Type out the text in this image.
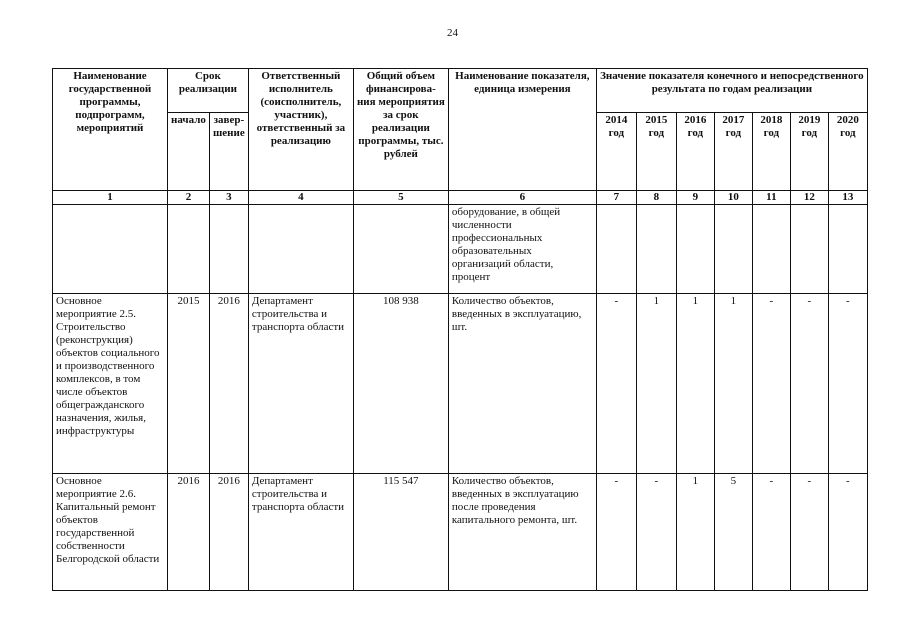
24
Наименование государственной программы, подпрограмм, мероприятий	Срок реализации		Ответственный исполнитель (соисполнитель, участник), ответственный за реализацию	Общий объем финансирова-ния мероприятия за срок реализации программы, тыс. рублей	Наименование показателя, единица измерения	Значение показателя конечного и непосредственного результата по годам реализации						
	начало	завер-шение				2014 год	2015 год	2016 год	2017 год	2018 год	2019 год	2020 год
1	2	3	4	5	6	7	8	9	10	11	12	13
					оборудование, в общей численности профессиональных образовательных организаций области, процент							
Основное мероприятие 2.5. Строительство (реконструкция) объектов социального и производственного комплексов, в том числе объектов общегражданского назначения, жилья, инфраструктуры	2015	2016	Департамент строительства и транспорта области	108 938	Количество объектов, введенных в эксплуатацию, шт.	-	1	1	1	-	-	-
Основное мероприятие 2.6. Капитальный ремонт объектов государственной собственности Белгородской области	2016	2016	Департамент строительства и транспорта области	115 547	Количество объектов, введенных в эксплуатацию после проведения капитального ремонта, шт.	-	-	1	5	-	-	-
